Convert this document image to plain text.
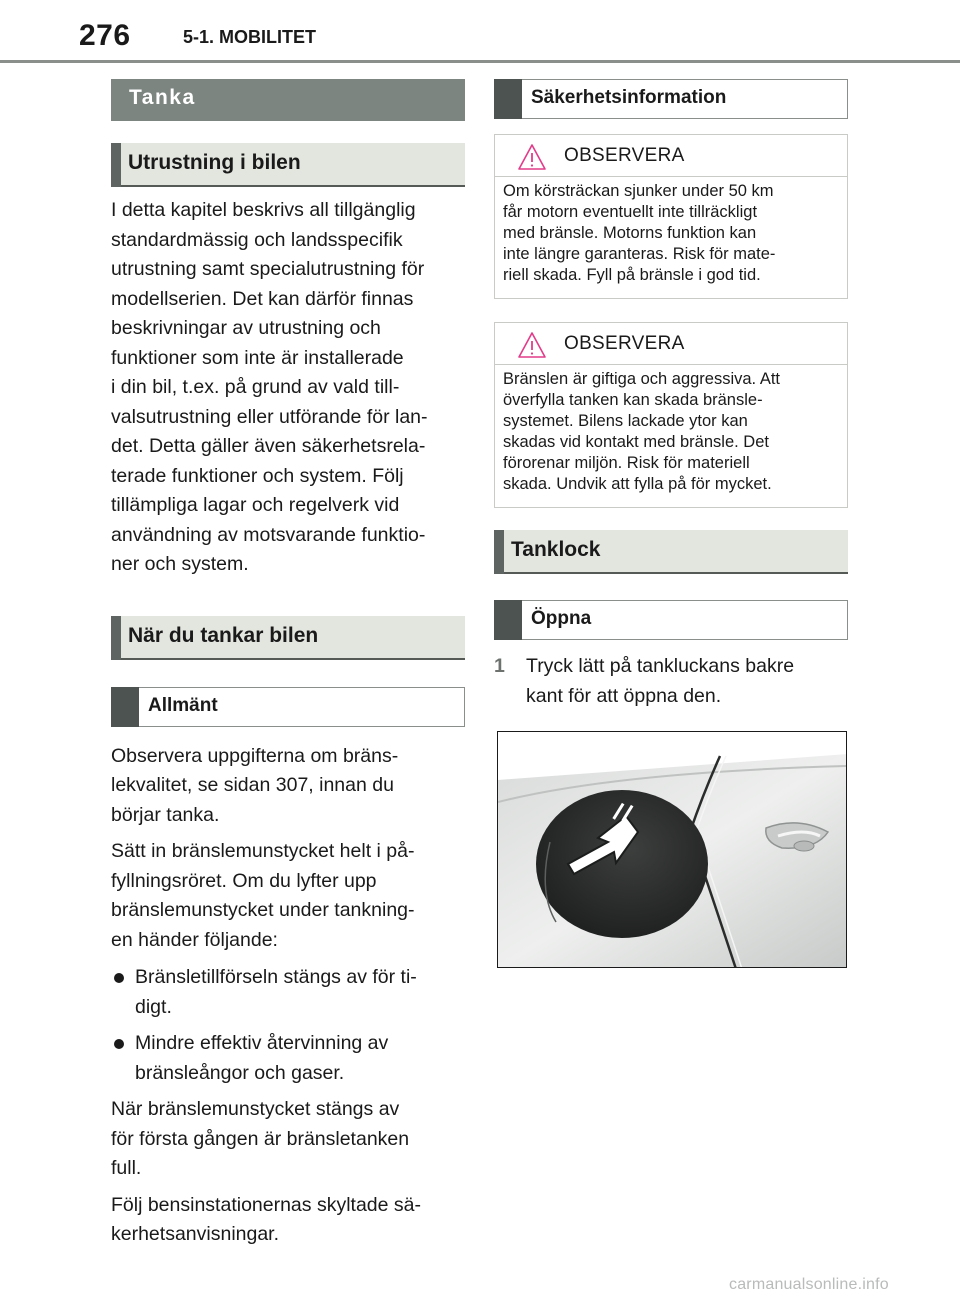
276	5-1. MOBILITET
Tanka
Utrustning i bilen
I detta kapitel beskrivs all tillgänglig
standardmässig och landsspecifik
utrustning samt specialutrustning för
modellserien. Det kan därför finnas
beskrivningar av utrustning och
funktioner som inte är installerade
i din bil, t.ex. på grund av vald till-
valsutrustning eller utförande för lan-
det. Detta gäller även säkerhetsrela-
terade funktioner och system. Följ
tillämpliga lagar och regelverk vid
användning av motsvarande funktio-
ner och system.
När du tankar bilen
Allmänt
Observera uppgifterna om bräns-
lekvalitet, se sidan 307, innan du
börjar tanka.
Sätt in bränslemunstycket helt i på-
fyllningsröret. Om du lyfter upp
bränslemunstycket under tankning-
en händer följande:
Bränsletillförseln stängs av för ti-
digt.
Mindre effektiv återvinning av
bränsleångor och gaser.
När bränslemunstycket stängs av
för första gången är bränsletanken
full.
Följ bensinstationernas skyltade sä-
kerhetsanvisningar.
Säkerhetsinformation
OBSERVERA
Om körsträckan sjunker under 50 km
får motorn eventuellt inte tillräckligt
med bränsle. Motorns funktion kan
inte längre garanteras. Risk för mate-
riell skada. Fyll på bränsle i god tid.
OBSERVERA
Bränslen är giftiga och aggressiva. Att
överfylla tanken kan skada bränsle-
systemet. Bilens lackade ytor kan
skadas vid kontakt med bränsle. Det
förorenar miljön. Risk för materiell
skada. Undvik att fylla på för mycket.
Tanklock
Öppna
1 Tryck lätt på tankluckans bakre
kant för att öppna den.
carmanualsonline.info
